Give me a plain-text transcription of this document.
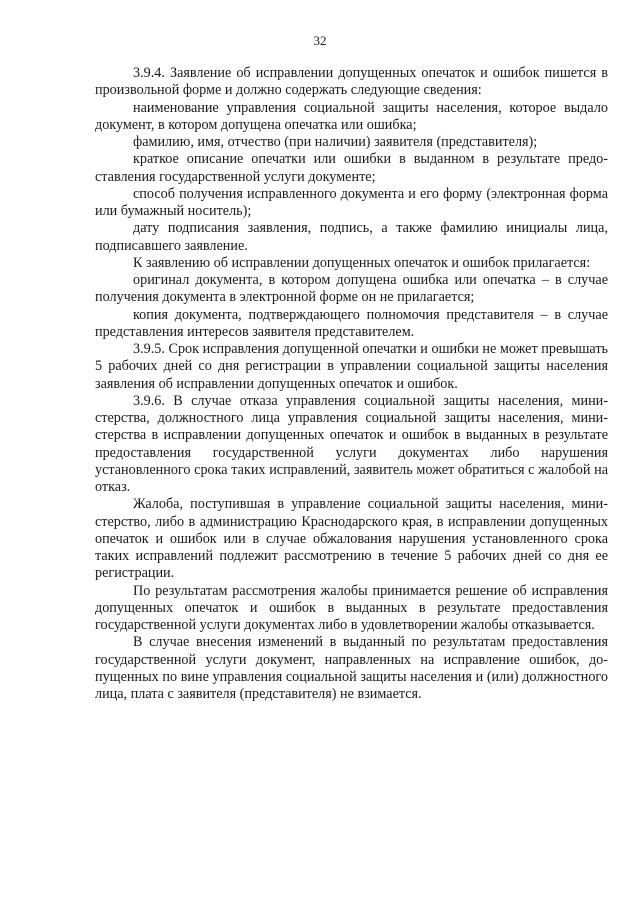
32

3.9.4. Заявление об исправлении допущенных опечаток и ошибок пишется в произвольной форме и должно содержать следующие сведения:

наименование управления социальной защиты населения, которое выдало документ, в котором допущена опечатка или ошибка;

фамилию, имя, отчество (при наличии) заявителя (представителя);

краткое описание опечатки или ошибки в выданном в результате предоставления государственной услуги документе;

способ получения исправленного документа и его форму (электронная форма или бумажный носитель);

дату подписания заявления, подпись, а также фамилию инициалы лица, подписавшего заявление.

К заявлению об исправлении допущенных опечаток и ошибок прилагается:

оригинал документа, в котором допущена ошибка или опечатка – в случае получения документа в электронной форме он не прилагается;

копия документа, подтверждающего полномочия представителя – в случае представления интересов заявителя представителем.

3.9.5. Срок исправления допущенной опечатки и ошибки не может превышать 5 рабочих дней со дня регистрации в управлении социальной защиты населения заявления об исправлении допущенных опечаток и ошибок.

3.9.6. В случае отказа управления социальной защиты населения, министерства, должностного лица управления социальной защиты населения, министерства в исправлении допущенных опечаток и ошибок в выданных в результате предоставления государственной услуги документах либо нарушения установленного срока таких исправлений, заявитель может обратиться с жалобой на отказ.

Жалоба, поступившая в управление социальной защиты населения, министерство, либо в администрацию Краснодарского края, в исправлении допущенных опечаток и ошибок или в случае обжалования нарушения установленного срока таких исправлений подлежит рассмотрению в течение 5 рабочих дней со дня ее регистрации.

По результатам рассмотрения жалобы принимается решение об исправления допущенных опечаток и ошибок в выданных в результате предоставления государственной услуги документах либо в удовлетворении жалобы отказывается.

В случае внесения изменений в выданный по результатам предоставления государственной услуги документ, направленных на исправление ошибок, допущенных по вине управления социальной защиты населения и (или) должностного лица, плата с заявителя (представителя) не взимается.
